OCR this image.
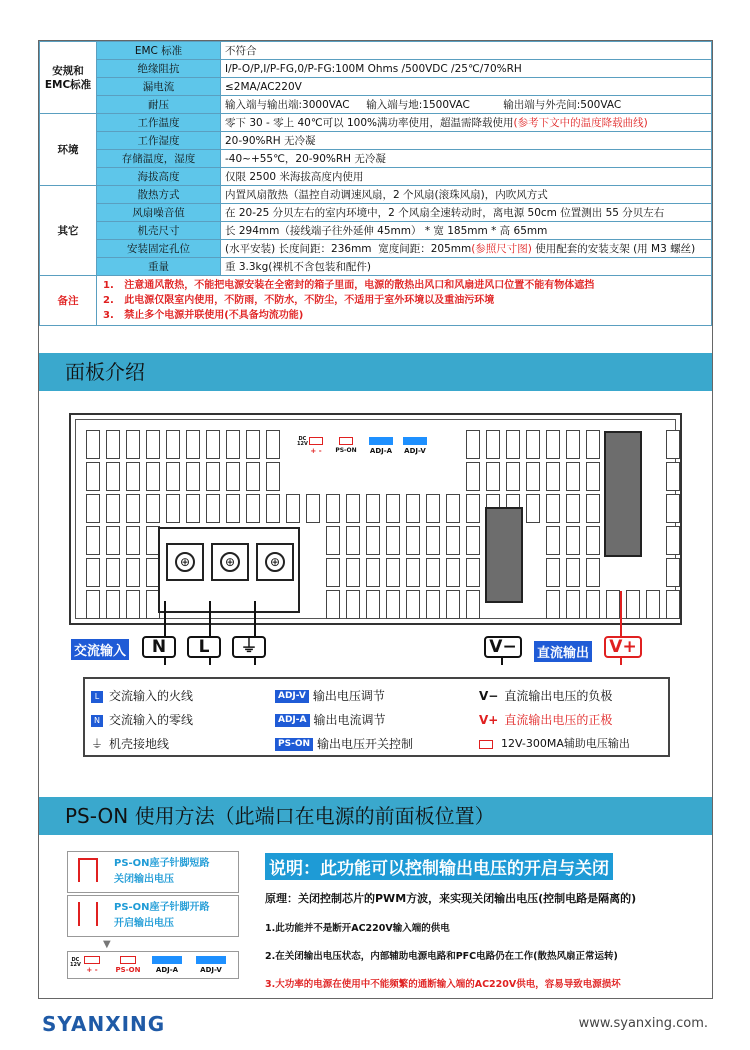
安规和
EMC标准	EMC 标准	不符合
	绝缘阻抗	I/P-O/P,I/P-FG,0/P-FG:100M Ohms /500VDC /25℃/70%RH
	漏电流	≤2MA/AC220V
	耐压	输入端与输出端:3000VAC     输入端与地:1500VAC          输出端与外壳间:500VAC
环境	工作温度	零下 30 - 零上 40℃可以 100%满功率使用，超温需降载使用(参考下文中的温度降载曲线)
	工作湿度	20-90%RH 无冷凝
	存储温度，湿度	-40~+55℃，20-90%RH 无冷凝
	海拔高度	仅限 2500 米海拔高度内使用
其它	散热方式	内置风扇散热（温控自动调速风扇，2 个风扇(滚珠风扇)，内吹风方式
	风扇噪音值	在 20-25 分贝左右的室内环境中，2 个风扇全速转动时，离电源 50cm 位置测出 55 分贝左右
	机壳尺寸	长 294mm（接线端子往外延伸 45mm） * 宽 185mm * 高 65mm
	安装固定孔位	(水平安装) 长度间距：236mm  宽度间距：205mm(参照尺寸图) 使用配套的安装支架 (用 M3 螺丝)
	重量	重 3.3kg(裸机不含包装和配件)
备注	1.   注意通风散热，不能把电源安装在全密封的箱子里面，电源的散热出风口和风扇进风口位置不能有物体遮挡
2.   此电源仅限室内使用，不防雨，不防水，不防尘，不适用于室外环境以及重油污环境
3.   禁止多个电源并联使用(不具备均流功能)	
面板介绍
DC
12V
+ -	PS-ON	ADJ-A	ADJ-V
⊕	⊕	⊕
交流输入	N	L	⏚	V−	直流输出	V+
L 交流输入的火线
N 交流输入的零线
⏚ 机壳接地线
ADJ-V 输出电压调节
ADJ-A 输出电流调节
PS-ON 输出电压开关控制
V− 直流输出电压的负极
V+ 直流输出电压的正极
12V-300MA辅助电压输出
PS-ON 使用方法（此端口在电源的前面板位置）
PS-ON座子针脚短路
关闭输出电压
PS-ON座子针脚开路
开启输出电压
▼
DC
12V
+ -	PS-ON	ADJ-A	ADJ-V
说明：此功能可以控制输出电压的开启与关闭
原理：关闭控制芯片的PWM方波，来实现关闭输出电压(控制电路是隔离的)
1.此功能并不是断开AC220V输入端的供电
2.在关闭输出电压状态，内部辅助电源电路和PFC电路仍在工作(散热风扇正常运转)
3.大功率的电源在使用中不能频繁的通断输入端的AC220V供电，容易导致电源损坏
SYANXING	www.syanxing.com.
